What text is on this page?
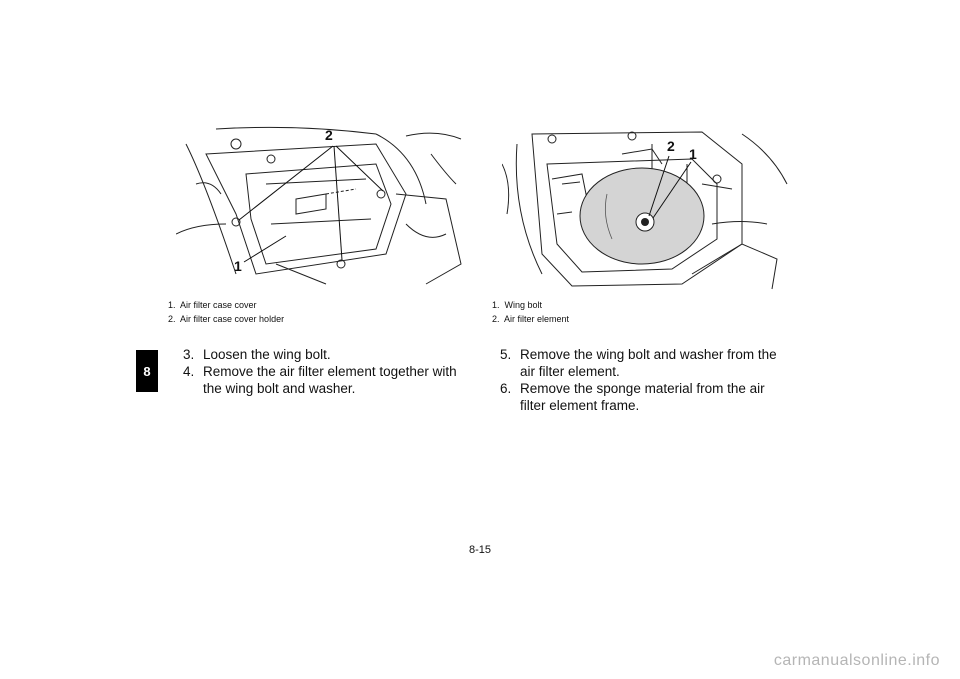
8
2
1
2 1
1. Air filter case cover
2. Air filter case cover holder
1. Wing bolt
2. Air filter element
3. Loosen the wing bolt.
4. Remove the air filter element together with the wing bolt and washer.
5. Remove the wing bolt and washer from the air filter element.
6. Remove the sponge material from the air filter element frame.
8-15
carmanualsonline.info
